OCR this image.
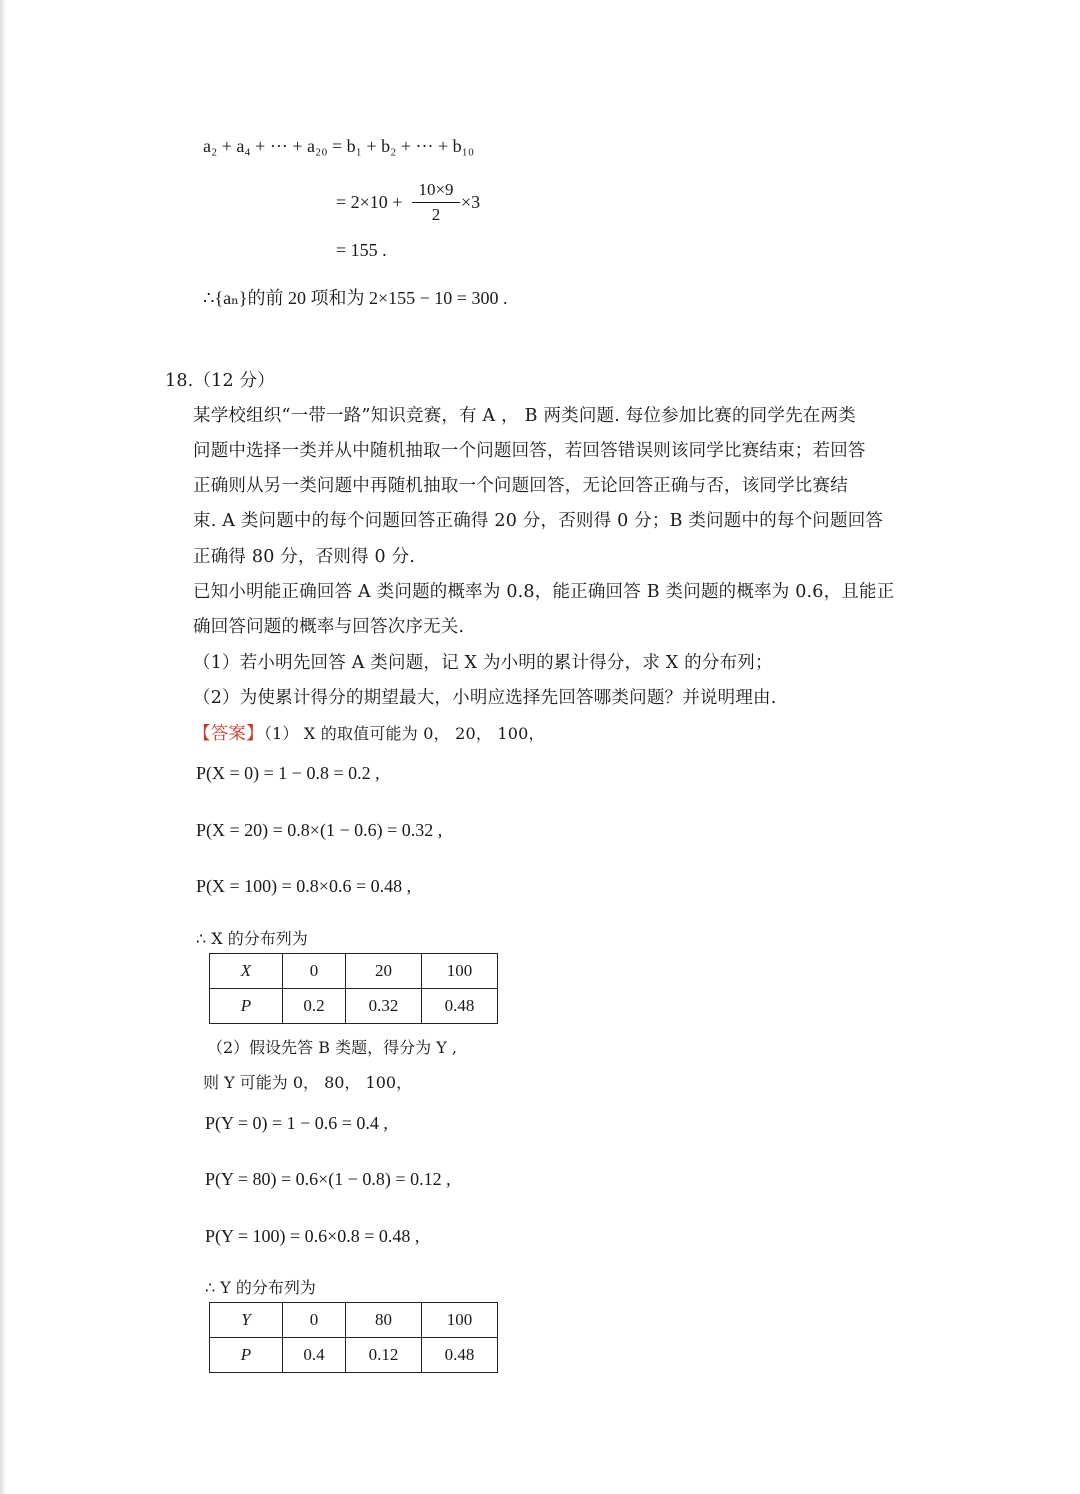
a₂ + a₄ + ··· + a₂₀ = b₁ + b₂ + ··· + b₁₀
= 2×10 +
10×9
2
×3
= 155 .
∴{aₙ}的前 20 项和为 2×155 − 10 = 300 .
18.（12 分）
某学校组织“一带一路”知识竞赛，有 A ， B 两类问题. 每位参加比赛的同学先在两类
问题中选择一类并从中随机抽取一个问题回答，若回答错误则该同学比赛结束；若回答
正确则从另一类问题中再随机抽取一个问题回答，无论回答正确与否，该同学比赛结
束. A 类问题中的每个问题回答正确得 20 分，否则得 0 分；B 类问题中的每个问题回答
正确得 80 分，否则得 0 分.
已知小明能正确回答 A 类问题的概率为 0.8，能正确回答 B 类问题的概率为 0.6，且能正
确回答问题的概率与回答次序无关.
（1）若小明先回答 A 类问题，记 X 为小明的累计得分，求 X 的分布列；
（2）为使累计得分的期望最大，小明应选择先回答哪类问题？并说明理由.
【答案】（1） X 的取值可能为 0， 20， 100，
P(X = 0) = 1 − 0.8 = 0.2 ,
P(X = 20) = 0.8×(1 − 0.6) = 0.32 ,
P(X = 100) = 0.8×0.6 = 0.48 ,
∴ X 的分布列为
X	0	20	100
P	0.2	0.32	0.48
（2）假设先答 B 类题，得分为 Y ,
则 Y 可能为 0， 80， 100，
P(Y = 0) = 1 − 0.6 = 0.4 ,
P(Y = 80) = 0.6×(1 − 0.8) = 0.12 ,
P(Y = 100) = 0.6×0.8 = 0.48 ,
∴ Y 的分布列为
Y	0	80	100
P	0.4	0.12	0.48
